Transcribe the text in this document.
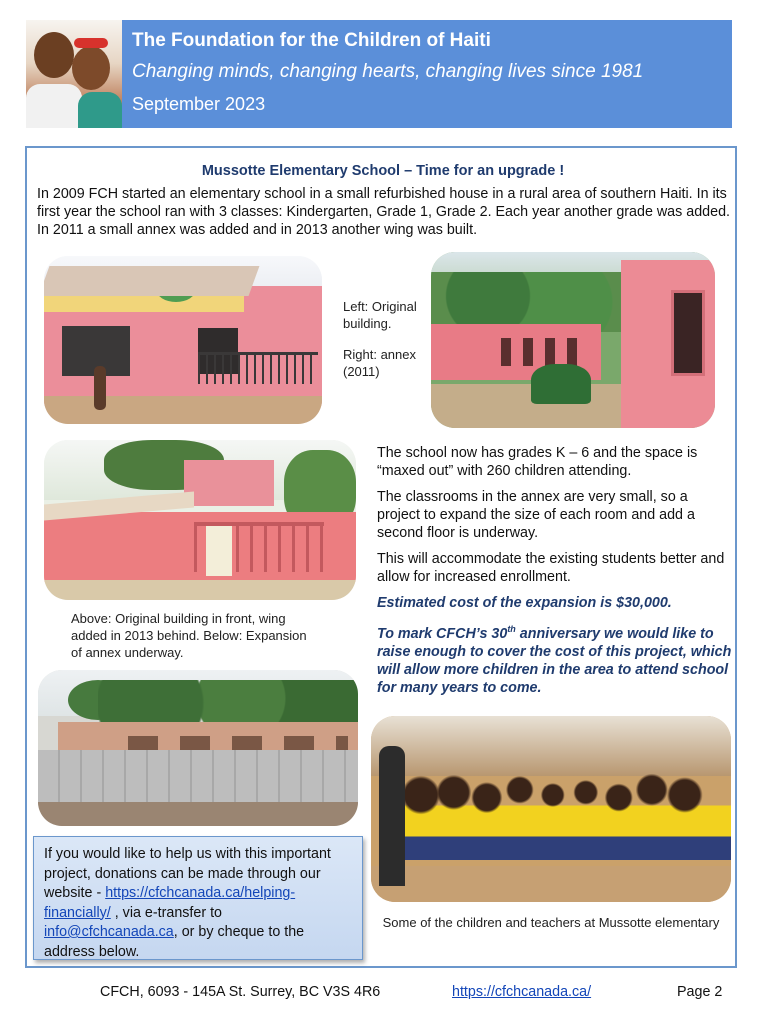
The Foundation for the Children of Haiti
Changing minds, changing hearts, changing lives since 1981
September 2023
Mussotte Elementary School – Time for an upgrade !
In 2009 FCH started an elementary school in a small refurbished house in a rural area of southern Haiti. In its first year the school ran with 3 classes: Kindergarten, Grade 1, Grade 2. Each year another grade was added. In 2011 a small annex was added and in 2013 another wing was built.

Left: Original building.

Right: annex (2011)

Above: Original building in front, wing added in 2013 behind. Below: Expansion of annex underway.

The school now has grades K – 6 and the space is “maxed out” with 260 children attending.

The classrooms in the annex are very small, so a project to expand the size of each room and add a second floor is underway.

This will accommodate the existing students better and allow for increased enrollment.

Estimated cost of the expansion is $30,000.

To mark CFCH’s 30th anniversary we would like to raise enough to cover the cost of this project, which will allow more children in the area to attend school for many years to come.

Some of the children and teachers at Mussotte elementary
If you would like to help us with this important project, donations can be made through our website - https://cfchcanada.ca/helping-financially/ , via e-transfer to info@cfchcanada.ca, or by cheque to the address below.
CFCH, 6093 - 145A St. Surrey, BC V3S 4R6	https://cfchcanada.ca/	Page 2
